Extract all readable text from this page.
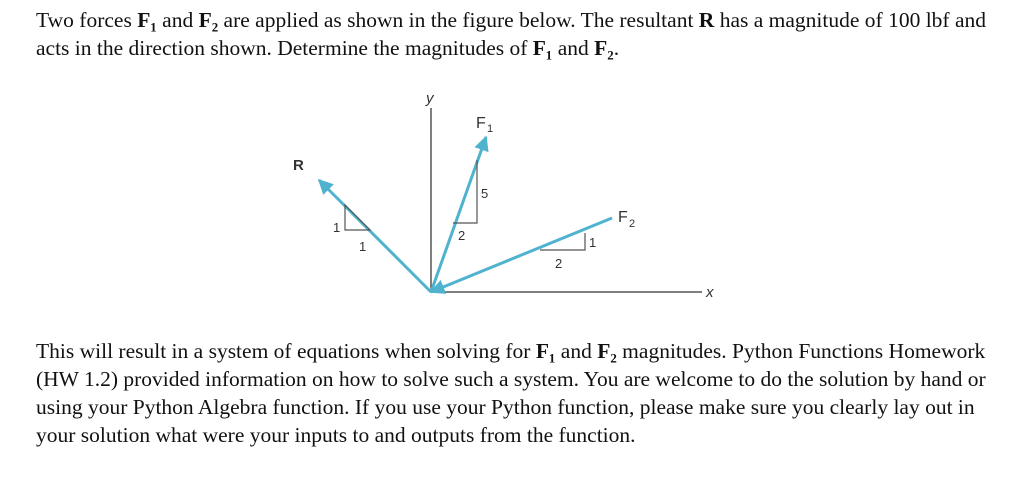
Two forces F₁ and F₂ are applied as shown in the figure below. The resultant R has a magnitude of 100 lbf and acts in the direction shown. Determine the magnitudes of F₁ and F₂.

y
x
R
F 1
F 2
1
1
5
2	1
2

This will result in a system of equations when solving for F₁ and F₂ magnitudes. Python Functions Homework (HW 1.2) provided information on how to solve such a system. You are welcome to do the solution by hand or using your Python Algebra function. If you use your Python function, please make sure you clearly lay out in your solution what were your inputs to and outputs from the function.
